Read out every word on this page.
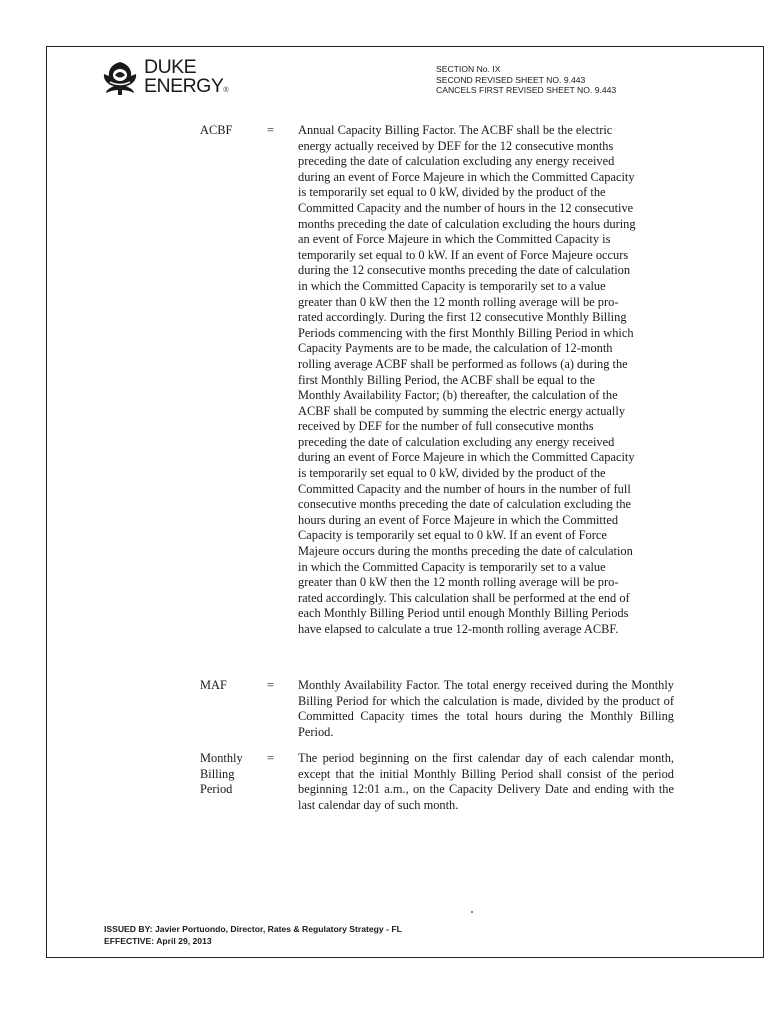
DUKE
ENERGY®
SECTION No. IX
SECOND REVISED SHEET NO. 9.443
CANCELS FIRST REVISED SHEET NO. 9.443
ACBF	= Annual Capacity Billing Factor. The ACBF shall be the electric
energy actually received by DEF for the 12 consecutive months
preceding the date of calculation excluding any energy received
during an event of Force Majeure in which the Committed Capacity
is temporarily set equal to 0 kW, divided by the product of the
Committed Capacity and the number of hours in the 12 consecutive
months preceding the date of calculation excluding the hours during
an event of Force Majeure in which the Committed Capacity is
temporarily set equal to 0 kW. If an event of Force Majeure occurs
during the 12 consecutive months preceding the date of calculation
in which the Committed Capacity is temporarily set to a value
greater than 0 kW then the 12 month rolling average will be pro-
rated accordingly. During the first 12 consecutive Monthly Billing
Periods commencing with the first Monthly Billing Period in which
Capacity Payments are to be made, the calculation of 12-month
rolling average ACBF shall be performed as follows (a) during the
first Monthly Billing Period, the ACBF shall be equal to the
Monthly Availability Factor; (b) thereafter, the calculation of the
ACBF shall be computed by summing the electric energy actually
received by DEF for the number of full consecutive months
preceding the date of calculation excluding any energy received
during an event of Force Majeure in which the Committed Capacity
is temporarily set equal to 0 kW, divided by the product of the
Committed Capacity and the number of hours in the number of full
consecutive months preceding the date of calculation excluding the
hours during an event of Force Majeure in which the Committed
Capacity is temporarily set equal to 0 kW. If an event of Force
Majeure occurs during the months preceding the date of calculation
in which the Committed Capacity is temporarily set to a value
greater than 0 kW then the 12 month rolling average will be pro-
rated accordingly. This calculation shall be performed at the end of
each Monthly Billing Period until enough Monthly Billing Periods
have elapsed to calculate a true 12-month rolling average ACBF.
MAF	= Monthly Availability Factor. The total energy received during the Monthly Billing Period for which the calculation is made, divided by the product of Committed Capacity times the total hours during the Monthly Billing Period.
Monthly
Billing
Period
= The period beginning on the first calendar day of each calendar month, except that the initial Monthly Billing Period shall consist of the period beginning 12:01 a.m., on the Capacity Delivery Date and ending with the last calendar day of such month.
ISSUED BY: Javier Portuondo, Director, Rates & Regulatory Strategy - FL
EFFECTIVE: April 29, 2013
